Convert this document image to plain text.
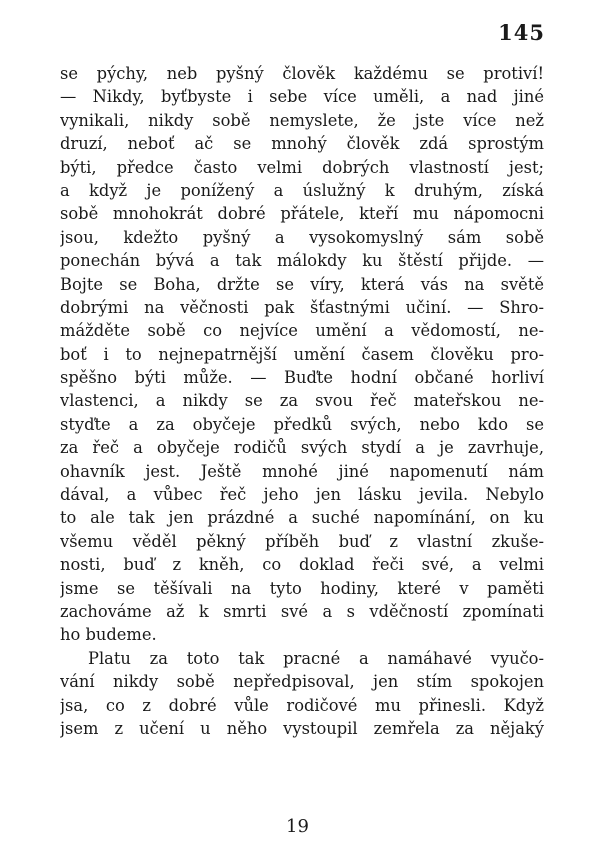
145
se pýchy, neb pyšný člověk každému se protiví!
— Nikdy, byťbyste i sebe více uměli, a nad jiné
vynikali, nikdy sobě nemyslete, že jste více než
druzí, neboť ač se mnohý člověk zdá sprostým
býti, předce často velmi dobrých vlastností jest;
a když je ponížený a úslužný k druhým, získá
sobě mnohokrát dobré přátele, kteří mu nápomocni
jsou, kdežto pyšný a vysokomyslný sám sobě
ponechán bývá a tak málokdy ku štěstí přijde. —
Bojte se Boha, držte se víry, která vás na světě
dobrými na věčnosti pak šťastnými učiní. — Shro-
mážděte sobě co nejvíce umění a vědomostí, ne-
boť i to nejnepatrnější umění časem člověku pro-
spěšno býti může. — Buďte hodní občané horliví
vlastenci, a nikdy se za svou řeč mateřskou ne-
styďte a za obyčeje předků svých, nebo kdo se
za řeč a obyčeje rodičů svých stydí a je zavrhuje,
ohavník jest. Ještě mnohé jiné napomenutí nám
dával, a vůbec řeč jeho jen lásku jevila. Nebylo
to ale tak jen prázdné a suché napomínání, on ku
všemu věděl pěkný příběh buď z vlastní zkuše-
nosti, buď z kněh, co doklad řeči své, a velmi
jsme se těšívali na tyto hodiny, které v paměti
zachováme až k smrti své a s vděčností zpomínati
ho budeme.
Platu za toto tak pracné a namáhavé vyučo-
vání nikdy sobě nepředpisoval, jen stím spokojen
jsa, co z dobré vůle rodičové mu přinesli. Když
jsem z učení u něho vystoupil zemřela za nějaký
19
